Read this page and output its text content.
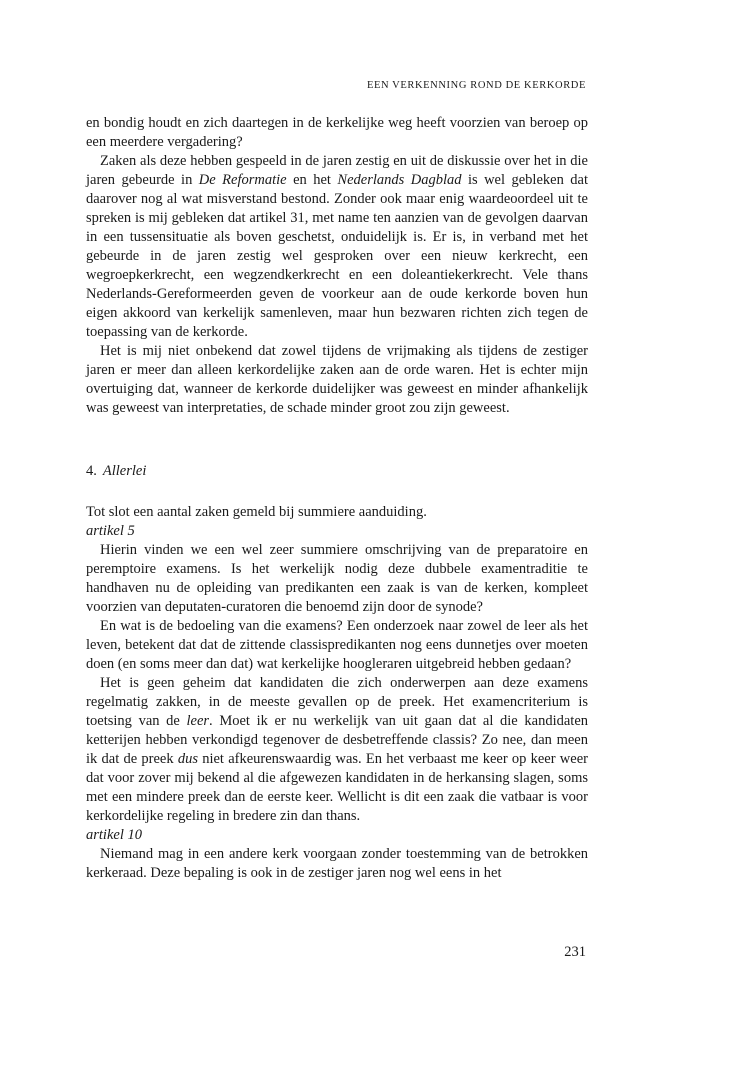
EEN VERKENNING ROND DE KERKORDE

en bondig houdt en zich daartegen in de kerkelijke weg heeft voorzien van beroep op een meerdere vergadering?

Zaken als deze hebben gespeeld in de jaren zestig en uit de diskussie over het in die jaren gebeurde in De Reformatie en het Nederlands Dagblad is wel gebleken dat daarover nog al wat misverstand bestond. Zonder ook maar enig waardeoordeel uit te spreken is mij gebleken dat artikel 31, met name ten aanzien van de gevolgen daarvan in een tussensituatie als boven geschetst, onduidelijk is. Er is, in verband met het gebeurde in de jaren zestig wel gesproken over een nieuw kerkrecht, een wegroepkerkrecht, een wegzendkerkrecht en een doleantiekerkrecht. Vele thans Nederlands-Gereformeerden geven de voorkeur aan de oude kerkorde boven hun eigen akkoord van kerkelijk samenleven, maar hun bezwaren richten zich tegen de toepassing van de kerkorde.

Het is mij niet onbekend dat zowel tijdens de vrijmaking als tijdens de zestiger jaren er meer dan alleen kerkordelijke zaken aan de orde waren. Het is echter mijn overtuiging dat, wanneer de kerkorde duidelijker was geweest en minder afhankelijk was geweest van interpretaties, de schade minder groot zou zijn geweest.

4. Allerlei

Tot slot een aantal zaken gemeld bij summiere aanduiding.

artikel 5

Hierin vinden we een wel zeer summiere omschrijving van de preparatoire en peremptoire examens. Is het werkelijk nodig deze dubbele examentraditie te handhaven nu de opleiding van predikanten een zaak is van de kerken, kompleet voorzien van deputaten-curatoren die benoemd zijn door de synode?

En wat is de bedoeling van die examens? Een onderzoek naar zowel de leer als het leven, betekent dat dat de zittende classispredikanten nog eens dunnetjes over moeten doen (en soms meer dan dat) wat kerkelijke hoogleraren uitgebreid hebben gedaan?

Het is geen geheim dat kandidaten die zich onderwerpen aan deze examens regelmatig zakken, in de meeste gevallen op de preek. Het examencriterium is toetsing van de leer. Moet ik er nu werkelijk van uit gaan dat al die kandidaten ketterijen hebben verkondigd tegenover de desbetreffende classis? Zo nee, dan meen ik dat de preek dus niet afkeurenswaardig was. En het verbaast me keer op keer weer dat voor zover mij bekend al die afgewezen kandidaten in de herkansing slagen, soms met een mindere preek dan de eerste keer. Wellicht is dit een zaak die vatbaar is voor kerkordelijke regeling in bredere zin dan thans.

artikel 10

Niemand mag in een andere kerk voorgaan zonder toestemming van de betrokken kerkeraad. Deze bepaling is ook in de zestiger jaren nog wel eens in het

231
